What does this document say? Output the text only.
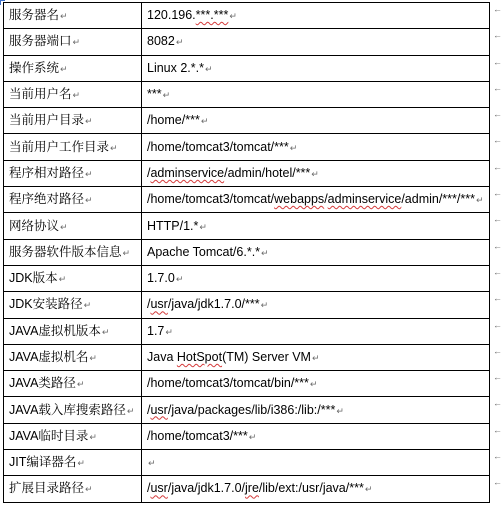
服务器名↵	120.196.***.***↵
服务器端口↵	8082↵
操作系统↵	Linux 2.*.*↵
当前用户名↵	***↵
当前用户目录↵	/home/***↵
当前用户工作目录↵	/home/tomcat3/tomcat/***↵
程序相对路径↵	/adminservice/admin/hotel/***↵
程序绝对路径↵	/home/tomcat3/tomcat/webapps/adminservice/admin/***/***↵
网络协议↵	HTTP/1.*↵
服务器软件版本信息↵	Apache Tomcat/6.*.*↵
JDK版本↵	1.7.0↵
JDK安装路径↵	/usr/java/jdk1.7.0/***↵
JAVA虚拟机版本↵	1.7↵
JAVA虚拟机名↵	Java HotSpot(TM) Server VM↵
JAVA类路径↵	/home/tomcat3/tomcat/bin/***↵
JAVA载入库搜索路径↵	/usr/java/packages/lib/i386:/lib:/***↵
JAVA临时目录↵	/home/tomcat3/***↵
JIT编译器名↵	↵
扩展目录路径↵	/usr/java/jdk1.7.0/jre/lib/ext:/usr/java/***↵
←
←
←
←
←
←
←
←
←
←
←
←
←
←
←
←
←
←
←
